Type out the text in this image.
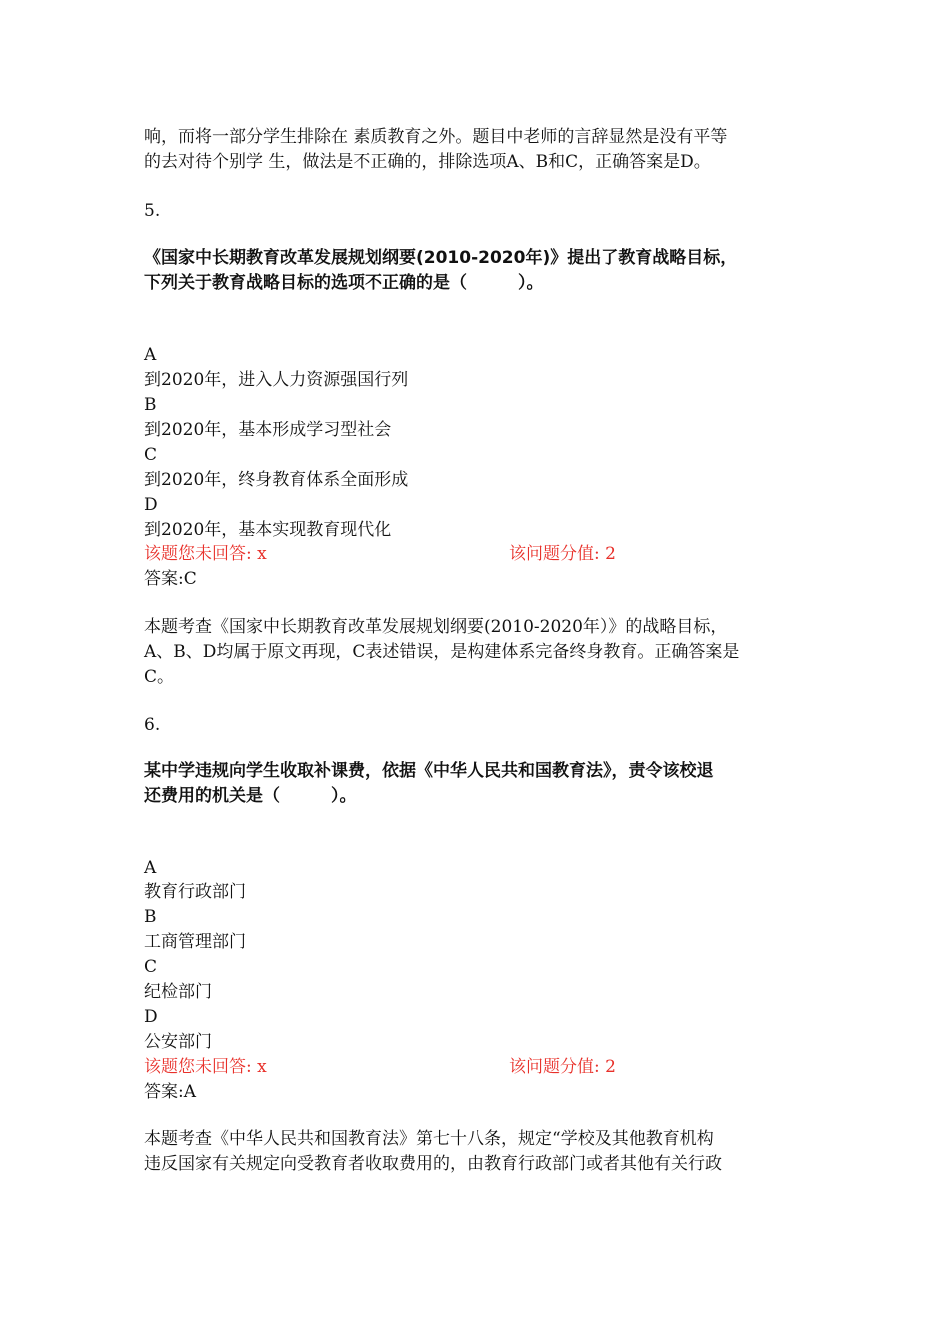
响，而将一部分学生排除在 素质教育之外。题目中老师的言辞显然是没有平等
的去对待个别学 生，做法是不正确的，排除选项A、B和C，正确答案是D。
5.
《国家中长期教育改革发展规划纲要(2010-2020年)》提出了教育战略目标，
下列关于教育战略目标的选项不正确的是（　　　）。
A
到2020年，进入人力资源强国行列
B
到2020年，基本形成学习型社会
C
到2020年，终身教育体系全面形成
D
到2020年，基本实现教育现代化
该题您未回答: x	该问题分值: 2
答案:C
本题考查《国家中长期教育改革发展规划纲要(2010-2020年）》的战略目标，
A、B、D均属于原文再现，C表述错误，是构建体系完备终身教育。正确答案是
C。
6.
某中学违规向学生收取补课费，依据《中华人民共和国教育法》，责令该校退
还费用的机关是（　　　）。
A
教育行政部门
B
工商管理部门
C
纪检部门
D
公安部门
该题您未回答: x	该问题分值: 2
答案:A
本题考查《中华人民共和国教育法》第七十八条，规定“学校及其他教育机构
违反国家有关规定向受教育者收取费用的，由教育行政部门或者其他有关行政
